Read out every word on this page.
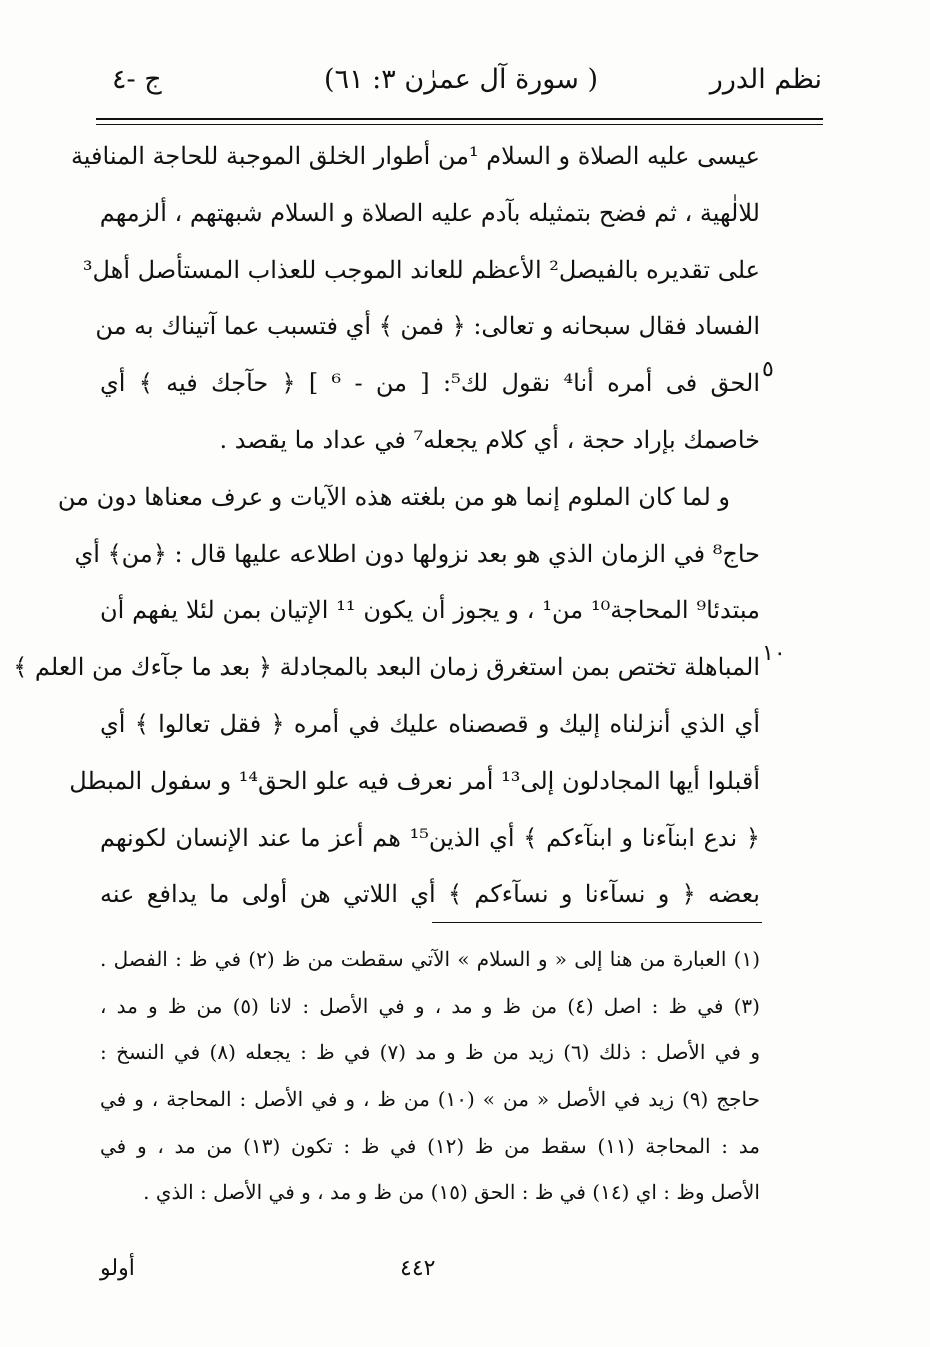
نظم الدرر
( سورة آل عمرٰن ٣: ٦١)
ج -٤
عيسى عليه الصلاة و السلام ¹من أطوار الخلق الموجبة للحاجة المنافية
للالٰهية ، ثم فضح بتمثيله بآدم عليه الصلاة و السلام شبهتهم ، ألزمهم
على تقديره بالفيصل² الأعظم للعاند الموجب للعذاب المستأصل أهل³
الفساد فقال سبحانه و تعالى: ﴿ فمن ﴾ أي فتسبب عما آتيناك به من
الحق فى أمره أنا⁴ نقول لك⁵: [ من - ⁶ ] ﴿ حآجك فيه ﴾ أي
خاصمك بإراد حجة ، أي كلام يجعله⁷ في عداد ما يقصد .
و لما كان الملوم إنما هو من بلغته هذه الآيات و عرف معناها دون من
حاج⁸ في الزمان الذي هو بعد نزولها دون اطلاعه عليها قال : ﴿من﴾ أي
مبتدئا⁹ المحاجة¹⁰ من¹ ، و يجوز أن يكون ¹¹ الإتيان بمن لئلا يفهم أن
المباهلة تختص بمن استغرق زمان البعد بالمجادلة ﴿ بعد ما جآءك من العلم ﴾
أي الذي أنزلناه إليك و قصصناه عليك في أمره ﴿ فقل تعالوا ﴾ أي
أقبلوا أيها المجادلون إلى¹³ أمر نعرف فيه علو الحق¹⁴ و سفول المبطل
﴿ ندع ابنآءنا و ابنآءكم ﴾ أي الذين¹⁵ هم أعز ما عند الإنسان لكونهم
بعضه ﴿ و نسآءنا و نسآءكم ﴾ أي اللاتي هن أولى ما يدافع عنه
٥
١٠
(١) العبارة من هنا إلى « و السلام » الآتي سقطت من ظ (٢) في ظ : الفصل .
(٣) في ظ : اصل (٤) من ظ و مد ، و في الأصل : لانا (٥) من ظ و مد ،
و في الأصل : ذلك (٦) زيد من ظ و مد (٧) في ظ : يجعله (٨) في النسخ :
حاجج (٩) زيد في الأصل « من » (١٠) من ظ ، و في الأصل : المحاجة ، و في
مد : المحاجة (١١) سقط من ظ (١٢) في ظ : تكون (١٣) من مد ، و في
الأصل وظ : اي (١٤) في ظ : الحق (١٥) من ظ و مد ، و في الأصل : الذي .
٤٤٢
أولو
